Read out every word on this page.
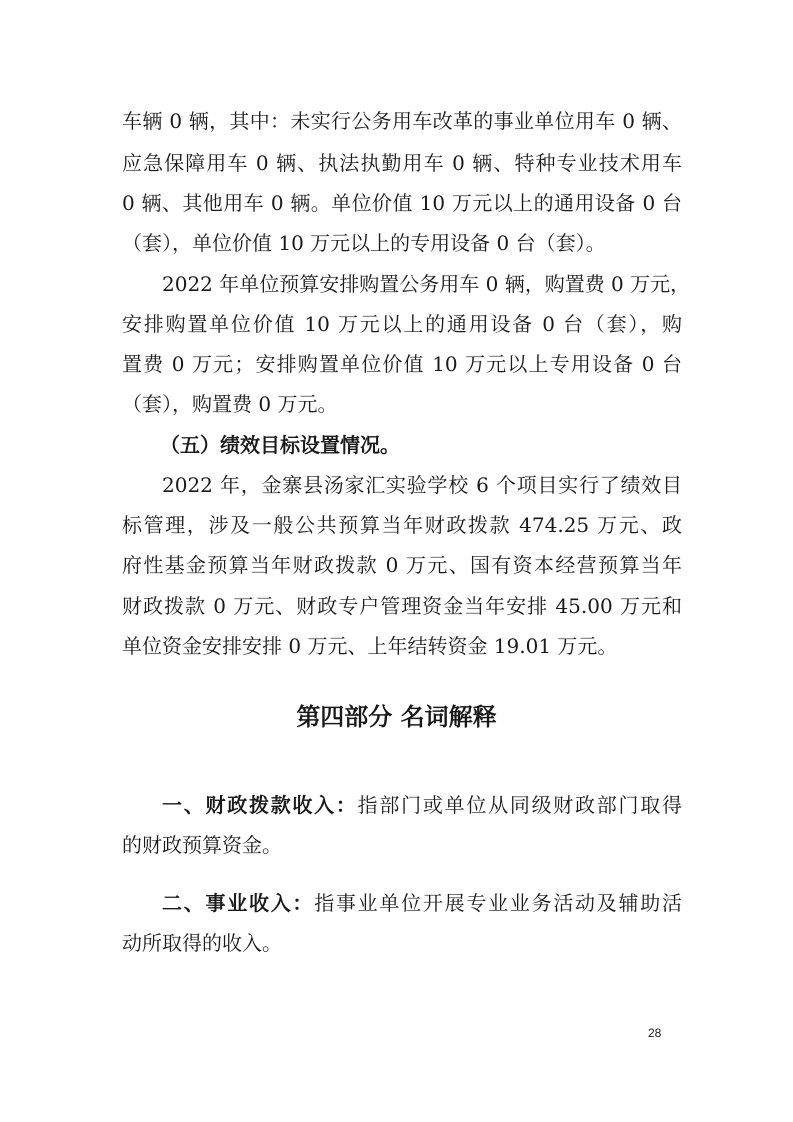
车辆 0 辆，其中：未实行公务用车改革的事业单位用车 0 辆、
应急保障用车 0 辆、执法执勤用车 0 辆、特种专业技术用车
0 辆、其他用车 0 辆。单位价值 10 万元以上的通用设备 0 台
（套），单位价值 10 万元以上的专用设备 0 台（套）。
2022 年单位预算安排购置公务用车 0 辆，购置费 0 万元，
安排购置单位价值 10 万元以上的通用设备 0 台（套），购
置费 0 万元；安排购置单位价值 10 万元以上专用设备 0 台
（套），购置费 0 万元。
（五）绩效目标设置情况。
2022 年，金寨县汤家汇实验学校 6 个项目实行了绩效目
标管理，涉及一般公共预算当年财政拨款 474.25 万元、政
府性基金预算当年财政拨款 0 万元、国有资本经营预算当年
财政拨款 0 万元、财政专户管理资金当年安排 45.00 万元和
单位资金安排安排 0 万元、上年结转资金 19.01 万元。
第四部分 名词解释
一、财政拨款收入：指部门或单位从同级财政部门取得
的财政预算资金。
二、事业收入：指事业单位开展专业业务活动及辅助活
动所取得的收入。
28
